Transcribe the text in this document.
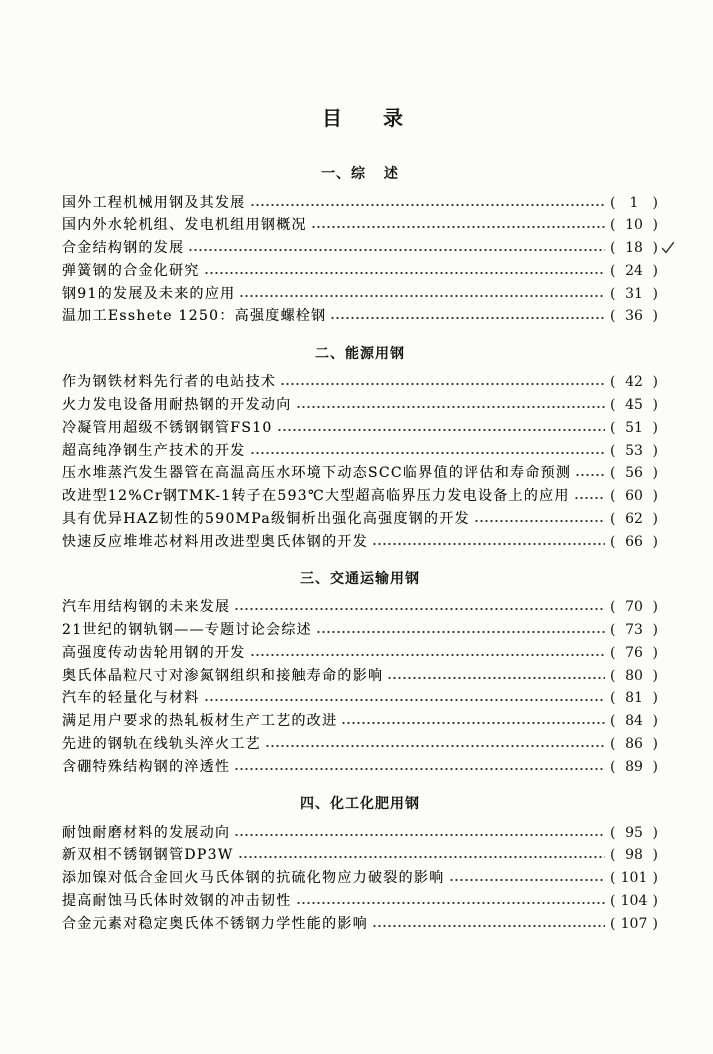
目 录
一、综 述
国外工程机械用钢及其发展	( 1
)
国内外水轮机组、发电机组用钢概况	( 10
)
合金结构钢的发展	( 18
)
弹簧钢的合金化研究	( 24
)
钢91的发展及未来的应用	( 31
)
温加工Esshete 1250：高强度螺栓钢	( 36
)
二、能源用钢
作为钢铁材料先行者的电站技术	( 42
)
火力发电设备用耐热钢的开发动向	( 45
)
冷凝管用超级不锈钢钢管FS10	( 51
)
超高纯净钢生产技术的开发	( 53
)
压水堆蒸汽发生器管在高温高压水环境下动态SCC临界值的评估和寿命预测	( 56
)
改进型12%Cr钢TMK-1转子在593℃大型超高临界压力发电设备上的应用	( 60
)
具有优异HAZ韧性的590MPa级铜析出强化高强度钢的开发	( 62
)
快速反应堆堆芯材料用改进型奥氏体钢的开发	( 66
)
三、交通运输用钢
汽车用结构钢的未来发展	( 70
)
21世纪的钢轨钢——专题讨论会综述	( 73
)
高强度传动齿轮用钢的开发	( 76
)
奥氏体晶粒尺寸对渗氮钢组织和接触寿命的影响	( 80
)
汽车的轻量化与材料	( 81
)
满足用户要求的热轧板材生产工艺的改进	( 84
)
先进的钢轨在线轨头淬火工艺	( 86
)
含硼特殊结构钢的淬透性	( 89
)
四、化工化肥用钢
耐蚀耐磨材料的发展动向	( 95
)
新双相不锈钢钢管DP3W	( 98
)
添加镍对低合金回火马氏体钢的抗硫化物应力破裂的影响	( 101
)
提高耐蚀马氏体时效钢的冲击韧性	( 104
)
合金元素对稳定奥氏体不锈钢力学性能的影响	( 107
)
